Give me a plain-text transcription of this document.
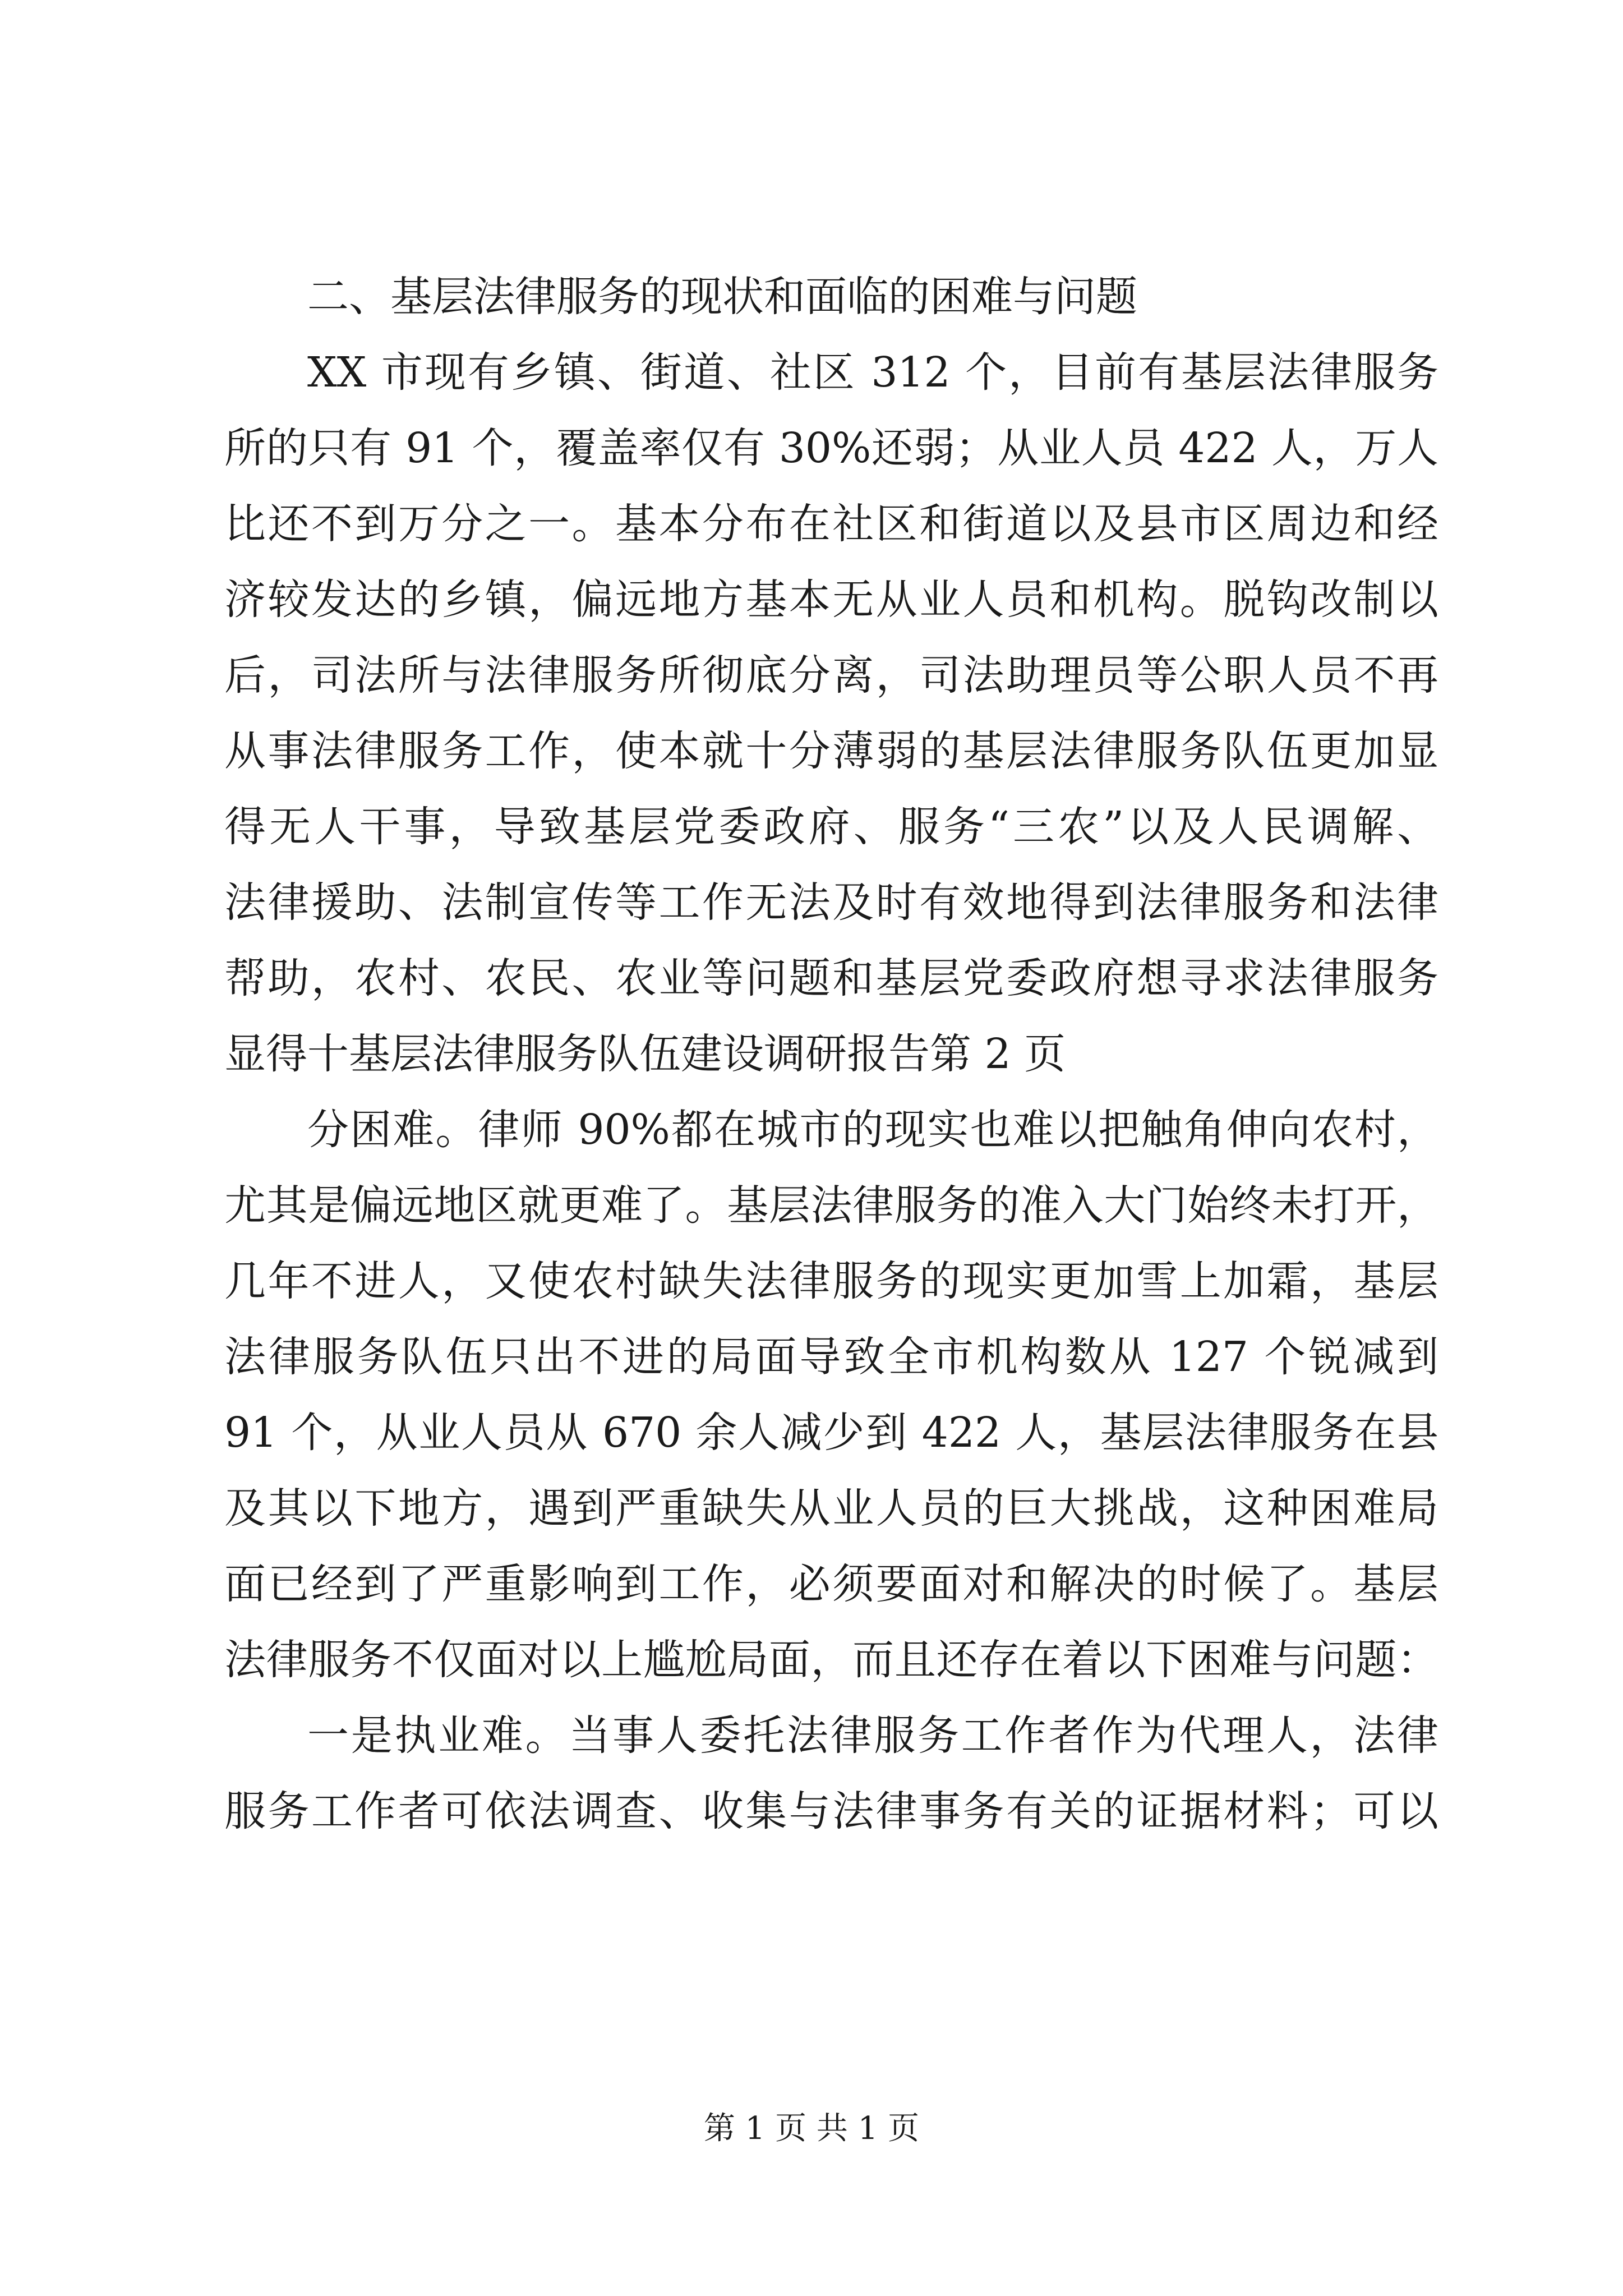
二、基层法律服务的现状和面临的困难与问题
XX 市现有乡镇、街道、社区 312 个，目前有基层法律服务
所的只有 91 个，覆盖率仅有 30%还弱；从业人员 422 人，万人
比还不到万分之一。基本分布在社区和街道以及县市区周边和经
济较发达的乡镇，偏远地方基本无从业人员和机构。脱钩改制以
后，司法所与法律服务所彻底分离，司法助理员等公职人员不再
从事法律服务工作，使本就十分薄弱的基层法律服务队伍更加显
得无人干事，导致基层党委政府、服务“三农”以及人民调解、
法律援助、法制宣传等工作无法及时有效地得到法律服务和法律
帮助，农村、农民、农业等问题和基层党委政府想寻求法律服务
显得十基层法律服务队伍建设调研报告第 2 页
分困难。律师 90%都在城市的现实也难以把触角伸向农村，
尤其是偏远地区就更难了。基层法律服务的准入大门始终未打开，
几年不进人，又使农村缺失法律服务的现实更加雪上加霜，基层
法律服务队伍只出不进的局面导致全市机构数从 127 个锐减到
91 个，从业人员从 670 余人减少到 422 人，基层法律服务在县
及其以下地方，遇到严重缺失从业人员的巨大挑战，这种困难局
面已经到了严重影响到工作，必须要面对和解决的时候了。基层
法律服务不仅面对以上尴尬局面，而且还存在着以下困难与问题：
一是执业难。当事人委托法律服务工作者作为代理人，法律
服务工作者可依法调查、收集与法律事务有关的证据材料；可以
第 1 页 共 1 页
